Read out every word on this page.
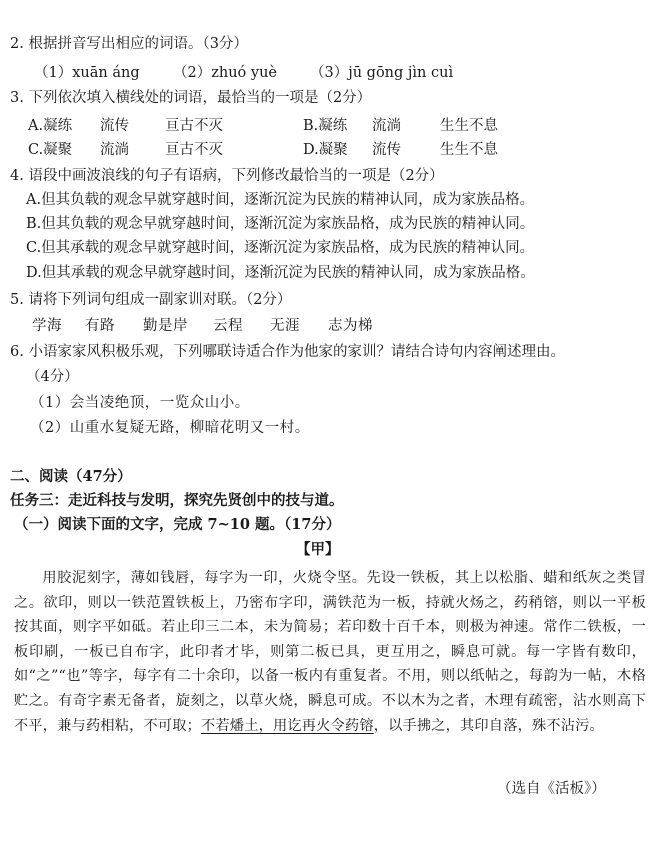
2. 根据拼音写出相应的词语。（3分）
（1）xuān áng （2）zhuó yuè （3）jū gōng jìn cuì
3. 下列依次填入横线处的词语，最恰当的一项是（2分）
A.凝练 流传 亘古不灭	B.凝练 流淌	生生不息
C.凝聚 流淌 亘古不灭	D.凝聚 流传	生生不息
4. 语段中画波浪线的句子有语病，下列修改最恰当的一项是（2分）
A.但其负载的观念早就穿越时间，逐渐沉淀为民族的精神认同，成为家族品格。
B.但其负载的观念早就穿越时间，逐渐沉淀为家族品格，成为民族的精神认同。
C.但其承载的观念早就穿越时间，逐渐沉淀为家族品格，成为民族的精神认同。
D.但其承载的观念早就穿越时间，逐渐沉淀为民族的精神认同，成为家族品格。
5. 请将下列词句组成一副家训对联。（2分）
学海 有路 勤是岸 云程 无涯 志为梯
6. 小语家家风积极乐观，下列哪联诗适合作为他家的家训？请结合诗句内容阐述理由。
（4分）
（1）会当凌绝顶，一览众山小。
（2）山重水复疑无路，柳暗花明又一村。
二、阅读（47分）
任务三：走近科技与发明，探究先贤创中的技与道。
（一）阅读下面的文字，完成 7~10 题。（17分）
【甲】
用胶泥刻字，薄如钱唇，每字为一印，火烧令坚。先设一铁板，其上以松脂、蜡和纸灰之类冒之。欲印，则以一铁范置铁板上，乃密布字印，满铁范为一板，持就火炀之，药稍镕，则以一平板按其面，则字平如砥。若止印三二本，未为简易；若印数十百千本，则极为神速。常作二铁板，一板印刷，一板已自布字，此印者才毕，则第二板已具，更互用之，瞬息可就。每一字皆有数印，如“之”“也”等字，每字有二十余印，以备一板内有重复者。不用，则以纸帖之，每韵为一帖，木格贮之。有奇字素无备者，旋刻之，以草火烧，瞬息可成。不以木为之者，木理有疏密，沾水则高下不平，兼与药相粘，不可取；不若燔土，用讫再火令药镕，以手拂之，其印自落，殊不沾污。
（选自《活板》）
